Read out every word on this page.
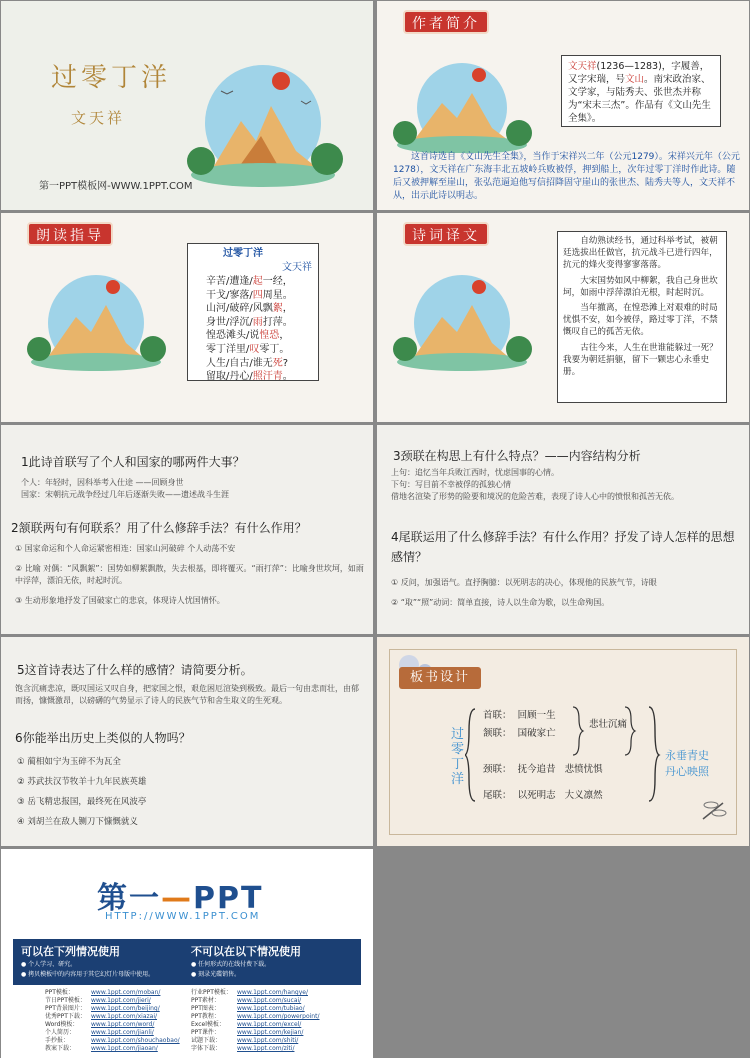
过零丁洋
文天祥
第一PPT模板网-WWW.1PPT.COM
作者简介
文天祥(1236—1283)，字履善，又字宋瑞，号文山。南宋政治家、文学家，与陆秀夫、张世杰并称为“宋末三杰”。作品有《文山先生全集》。
这首诗选自《文山先生全集》，当作于宋祥兴二年（公元1279）。宋祥兴元年（公元1278），文天祥在广东海丰北五坡岭兵败被俘，押到船上，次年过零丁洋时作此诗。随后又被押解至崖山，张弘范逼迫他写信招降固守崖山的张世杰、陆秀夫等人，文天祥不从，出示此诗以明志。
朗读指导
过零丁洋
文天祥
辛苦/遭逢/起一经，
干戈/寥落/四周星。
山河/破碎/风飘絮，
身世/浮沉/雨打萍。
惶恐滩头/说惶恐，
零丁洋里/叹零丁。
人生/自古/谁无死?
留取/丹心/照汗青。
诗词译文	自幼熟读经书，通过科举考试，被朝廷选拔出任做官，抗元战斗已进行四年，抗元的烽火变得寥寥落落。
大宋国势如风中柳絮，我自己身世坎坷，如雨中浮萍漂泊无根，时起时沉。
当年撤离，在惶恐滩上对艰难的时局忧惧不安，如今被俘，路过零丁洋，不禁慨叹自己的孤苦无依。
古往今来，人生在世谁能躲过一死？我要为朝廷捐躯，留下一颗忠心永垂史册。
1此诗首联写了个人和国家的哪两件大事？
个人：年轻时，因科举考入仕途 ——回顾身世
国家：宋朝抗元战争经过几年后逐渐失败——遗述战斗生涯
2颔联两句有何联系？用了什么修辞手法？有什么作用？
① 国家命运和个人命运紧密相连：国家山河破碎 个人动荡不安
② 比喻 对偶：“风飘絮”：国势如柳絮飘散，失去根基，即将覆灭。“雨打萍”：比喻身世坎坷，如雨中浮萍，漂泊无依，时起时沉。
③ 生动形象地抒发了国破家亡的悲哀，体现诗人忧国情怀。
3颈联在构思上有什么特点？——内容结构分析
上句：追忆当年兵败江西时，忧虑国事的心情。
下句：写目前不幸被俘的孤独心情
借地名渲染了形势的险要和境况的危险苦难，表现了诗人心中的愤恨和孤苦无依。
4尾联运用了什么修辞手法？有什么作用？抒发了诗人怎样的思想感情？
① 反问，加强语气。直抒胸臆：以死明志的决心，体现他的民族气节，诗眼
② “取”“照”动词：简单直接，诗人以生命为歌，以生命殉国。
5这首诗表达了什么样的感情？请简要分析。
饱含沉痛悲凉，既叹国运又叹自身，把家国之恨，艰危困厄渲染到极致。最后一句由悲而壮，由郁而扬，慷慨激昂，以磅礴的气势显示了诗人的民族气节和舍生取义的生死观。
6你能举出历史上类似的人物吗？
① 蔺相如宁为玉碎不为瓦全
② 苏武扶汉节牧羊十九年民族英雄
③ 岳飞精忠报国，最终死在风波亭
④ 刘胡兰在敌人铡刀下慷慨就义
板书设计
过零丁洋
首联： 回顾一生
颔联： 国破家亡
悲壮沉痛
颈联： 抚今追昔 悲愤忧惧
尾联： 以死明志 大义凛然
永垂青史
丹心映照
第一—PPT
HTTP://WWW.1PPT.COM
可以在下列情况使用
● 个人学习、研究。
● 拷贝模板中的内容用于其它幻灯片母版中使用。
不可以在以下情况使用
● 任何形式的在线付费下载。
● 刻录光碟销售。
PPT模板：	www.1ppt.com/moban/
节日PPT模板： www.1ppt.com/jieri/
PPT背景图片： www.1ppt.com/beijing/
优秀PPT下载： www.1ppt.com/xiazai/
Word模板： www.1ppt.com/word/
个人简历：	www.1ppt.com/jianli/
手抄报：	www.1ppt.com/shouchaobao/
教案下载：	www.1ppt.com/jiaoan/
行业PPT模板： www.1ppt.com/hangye/
PPT素材：	www.1ppt.com/sucai/
PPT图表：	www.1ppt.com/tubiao/
PPT教程：	www.1ppt.com/powerpoint/
Excel模板： www.1ppt.com/excel/
PPT课件：	www.1ppt.com/kejian/
试题下载：	www.1ppt.com/shiti/
字体下载：	www.1ppt.com/ziti/
